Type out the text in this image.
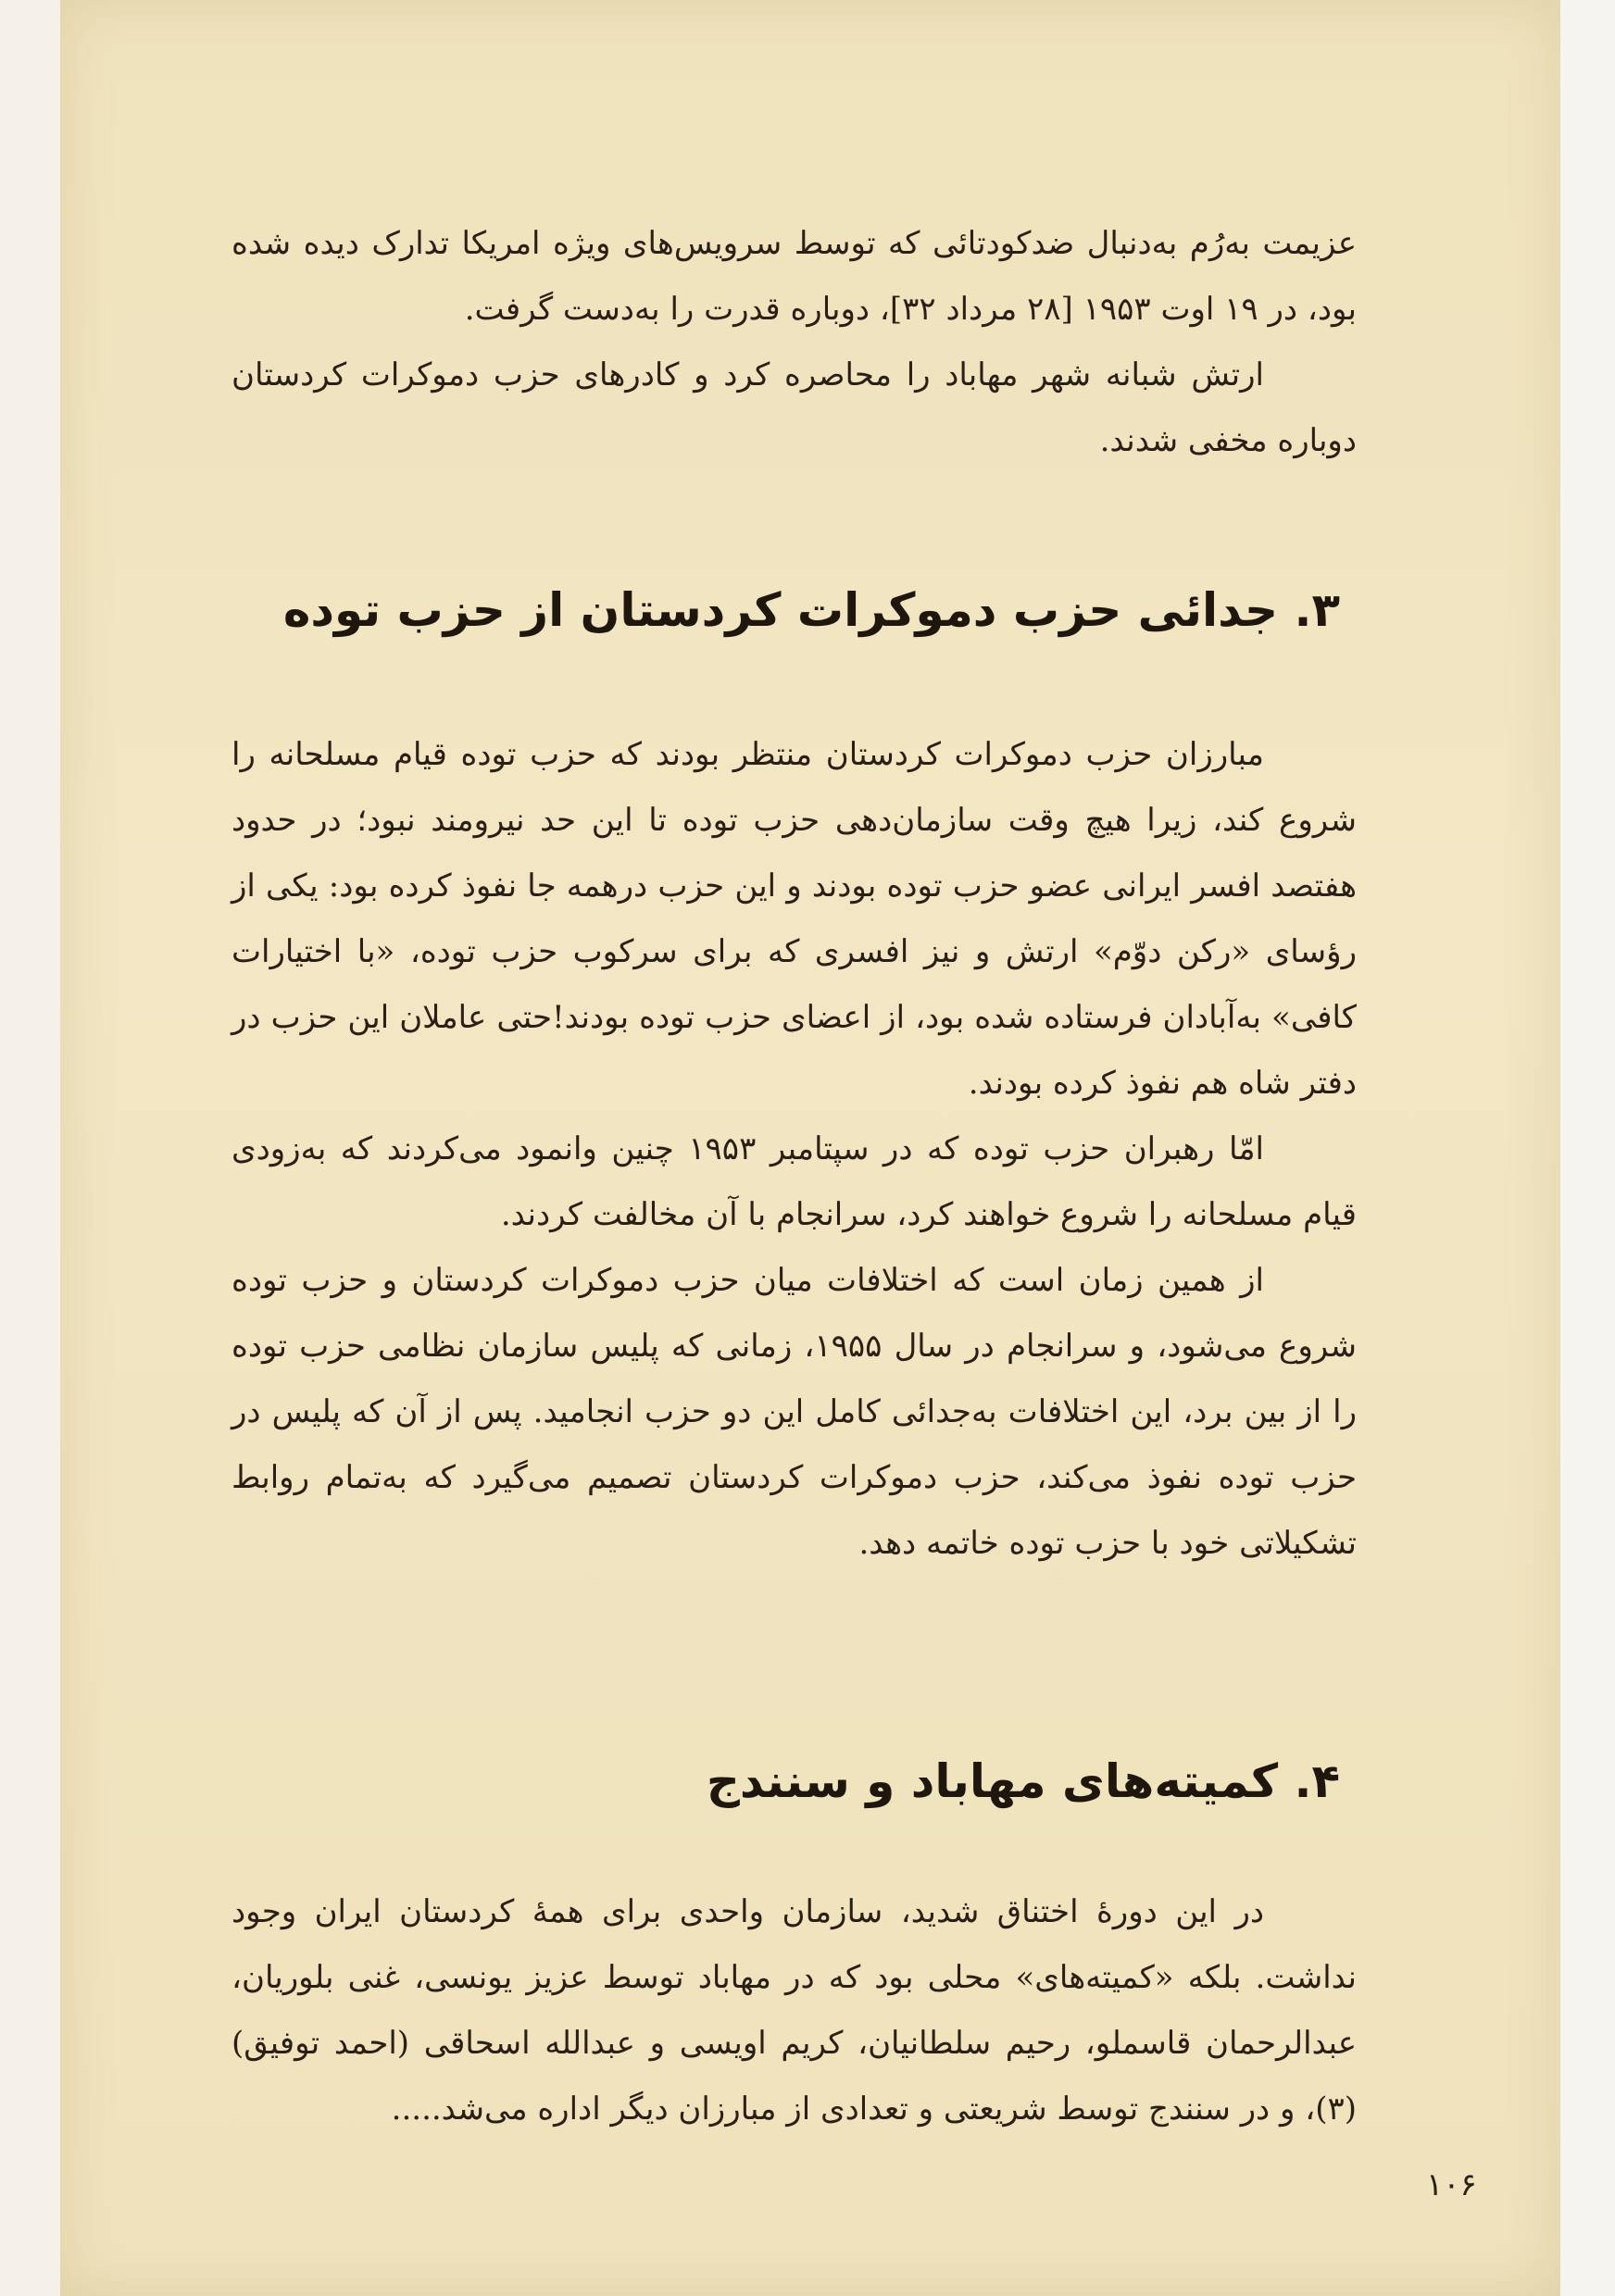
عزیمت به‌رُم به‌دنبال ضدکودتائی که توسط سرویس‌های ویژه امریکا تدارک دیده شده بود، در ۱۹ اوت ۱۹۵۳ [۲۸ مرداد ۳۲]، دوباره قدرت را به‌دست گرفت.

ارتش شبانه شهر مهاباد را محاصره کرد و کادرهای حزب دموکرات کردستان دوباره مخفی شدند.

۳. جدائی حزب دموکرات کردستان از حزب توده

مبارزان حزب دموکرات کردستان منتظر بودند که حزب توده قیام مسلحانه را شروع کند، زیرا هیچ وقت سازمان‌دهی حزب توده تا این حد نیرومند نبود؛ در حدود هفتصد افسر ایرانی عضو حزب توده بودند و این حزب درهمه جا نفوذ کرده بود: یکی از رؤسای «رکن دوّم» ارتش و نیز افسری که برای سرکوب حزب توده، «با اختیارات کافی» به‌آبادان فرستاده شده بود، از اعضای حزب توده بودند!حتی عاملان این حزب در دفتر شاه هم نفوذ کرده بودند.

امّا رهبران حزب توده که در سپتامبر ۱۹۵۳ چنین وانمود می‌کردند که به‌زودی قیام مسلحانه را شروع خواهند کرد، سرانجام با آن مخالفت کردند.

از همین زمان است که اختلافات میان حزب دموکرات کردستان و حزب توده شروع می‌شود، و سرانجام در سال ۱۹۵۵، زمانی که پلیس سازمان نظامی حزب توده را از بین برد، این اختلافات به‌جدائی کامل این دو حزب انجامید. پس از آن که پلیس در حزب توده نفوذ می‌کند، حزب دموکرات کردستان تصمیم می‌گیرد که به‌تمام روابط تشکیلاتی خود با حزب توده خاتمه دهد.

۴. کمیته‌های مهاباد و سنندج

در این دورهٔ اختناق شدید، سازمان واحدی برای همهٔ کردستان ایران وجود نداشت. بلکه «کمیته‌های» محلی بود که در مهاباد توسط عزیز یونسی، غنی بلوریان، عبدالرحمان قاسملو، رحیم سلطانیان، کریم اویسی و عبدالله اسحاقی (احمد توفیق)(۳)، و در سنندج توسط شریعتی و تعدادی از مبارزان دیگر اداره می‌شد.....

۱۰۶
